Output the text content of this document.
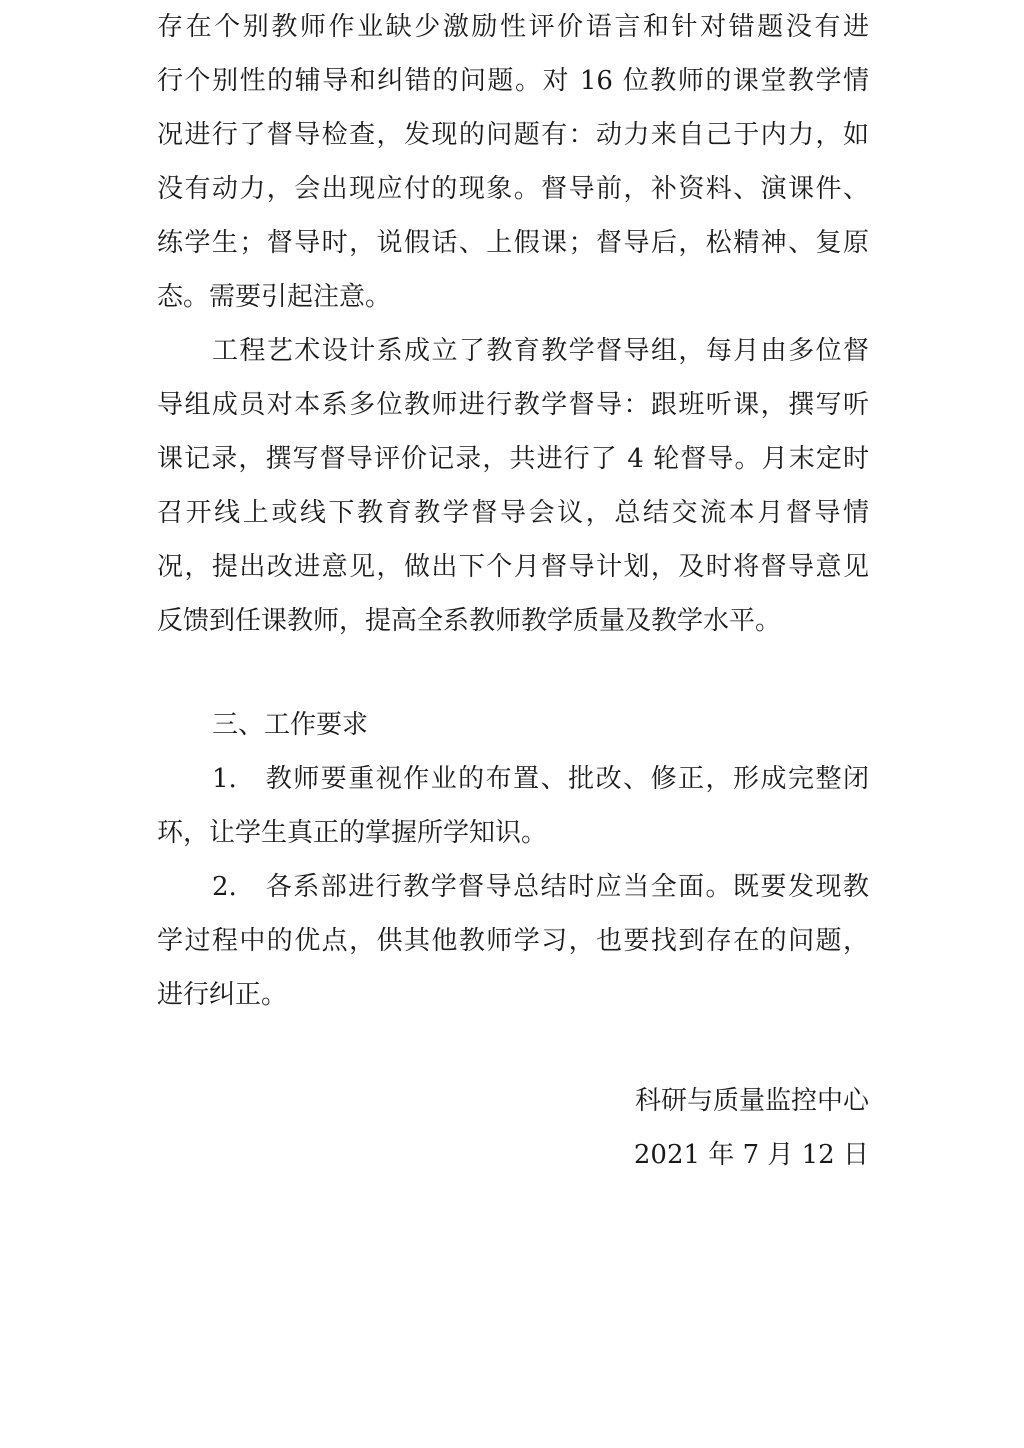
存在个别教师作业缺少激励性评价语言和针对错题没有进
行个别性的辅导和纠错的问题。对 16 位教师的课堂教学情
况进行了督导检查，发现的问题有：动力来自己于内力，如
没有动力，会出现应付的现象。督导前，补资料、演课件、
练学生；督导时，说假话、上假课；督导后，松精神、复原
态。需要引起注意。
工程艺术设计系成立了教育教学督导组，每月由多位督
导组成员对本系多位教师进行教学督导：跟班听课，撰写听
课记录，撰写督导评价记录，共进行了 4 轮督导。月末定时
召开线上或线下教育教学督导会议，总结交流本月督导情
况，提出改进意见，做出下个月督导计划，及时将督导意见
反馈到任课教师，提高全系教师教学质量及教学水平。
三、工作要求
1.　教师要重视作业的布置、批改、修正，形成完整闭
环，让学生真正的掌握所学知识。
2.　各系部进行教学督导总结时应当全面。既要发现教
学过程中的优点，供其他教师学习，也要找到存在的问题，
进行纠正。
科研与质量监控中心
2021 年 7 月 12 日
